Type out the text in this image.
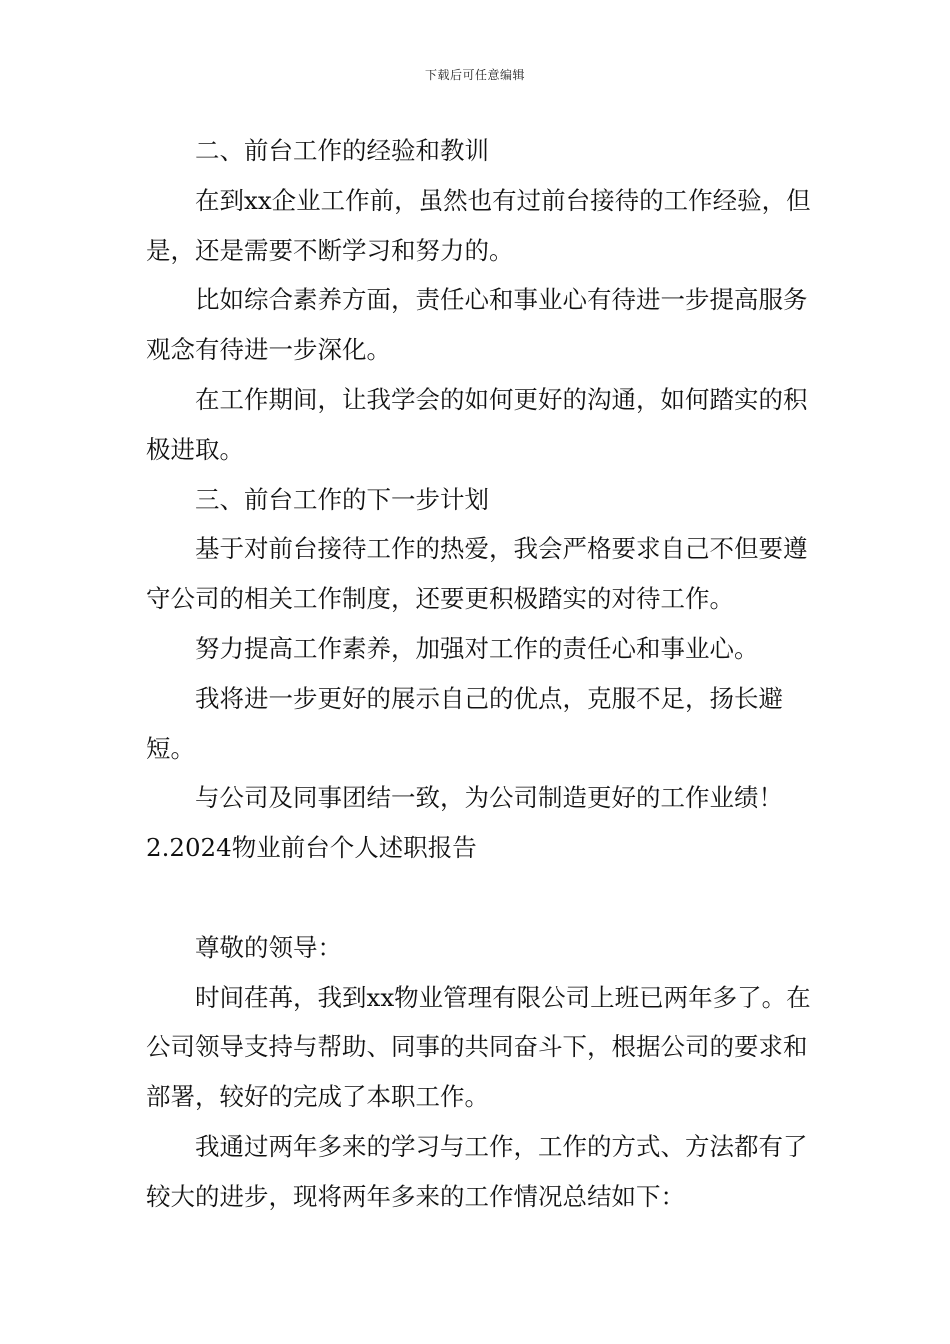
下载后可任意编辑

二、前台工作的经验和教训

在到xx企业工作前，虽然也有过前台接待的工作经验，但是，还是需要不断学习和努力的。

比如综合素养方面，责任心和事业心有待进一步提高服务观念有待进一步深化。

在工作期间，让我学会的如何更好的沟通，如何踏实的积极进取。

三、前台工作的下一步计划

基于对前台接待工作的热爱，我会严格要求自己不但要遵守公司的相关工作制度，还要更积极踏实的对待工作。

努力提高工作素养，加强对工作的责任心和事业心。

我将进一步更好的展示自己的优点，克服不足，扬长避短。

与公司及同事团结一致，为公司制造更好的工作业绩！

2.2024物业前台个人述职报告

尊敬的领导：

时间荏苒，我到xx物业管理有限公司上班已两年多了。在公司领导支持与帮助、同事的共同奋斗下，根据公司的要求和部署，较好的完成了本职工作。

我通过两年多来的学习与工作，工作的方式、方法都有了较大的进步，现将两年多来的工作情况总结如下：
